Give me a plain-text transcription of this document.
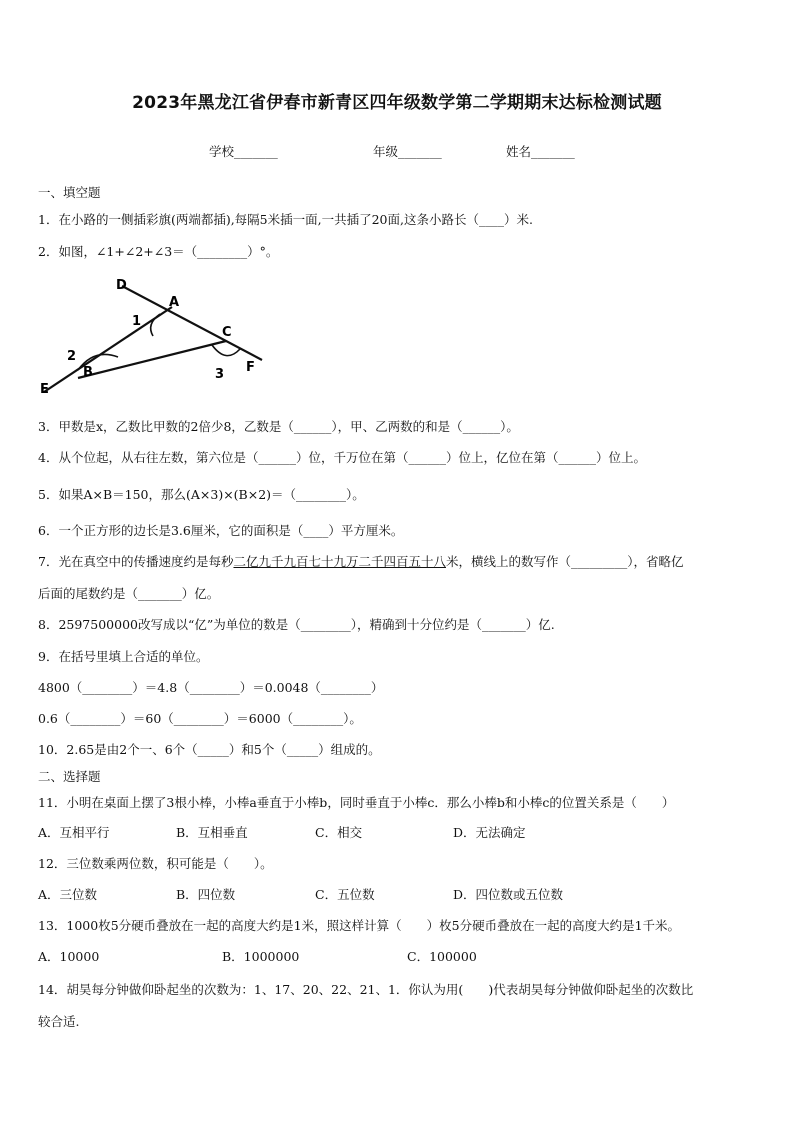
2023年黑龙江省伊春市新青区四年级数学第二学期期末达标检测试题
学校_______	年级_______	姓名_______
一、填空题
1．在小路的一侧插彩旗(两端都插),每隔5米插一面,一共插了20面,这条小路长（____）米.
2．如图，∠1+∠2+∠3＝（________）°。
D
A
C
B
E
F
1
2
3
3．甲数是x，乙数比甲数的2倍少8，乙数是（______），甲、乙两数的和是（______）。
4．从个位起，从右往左数，第六位是（______）位，千万位在第（______）位上，亿位在第（______）位上。
5．如果A×B＝150，那么(A×3)×(B×2)＝（________）。
6．一个正方形的边长是3.6厘米，它的面积是（____）平方厘米。
7．光在真空中的传播速度约是每秒二亿九千九百七十九万二千四百五十八米，横线上的数写作（_________），省略亿
后面的尾数约是（_______）亿。
8．2597500000改写成以“亿”为单位的数是（________），精确到十分位约是（_______）亿.
9．在括号里填上合适的单位。
4800（________）＝4.8（________）＝0.0048（________）
0.6（________）＝60（________）＝6000（________）。
10．2.65是由2个一、6个（_____）和5个（_____）组成的。
二、选择题
11．小明在桌面上摆了3根小棒，小棒a垂直于小棒b，同时垂直于小棒c．那么小棒b和小棒c的位置关系是（　　）
A．互相平行	B．互相垂直	C．相交	D．无法确定
12．三位数乘两位数，积可能是（　　）。
A．三位数	B．四位数	C．五位数	D．四位数或五位数
13．1000枚5分硬币叠放在一起的高度大约是1米，照这样计算（　　）枚5分硬币叠放在一起的高度大约是1千米。
A．10000	B．1000000	C．100000
14．胡昊每分钟做仰卧起坐的次数为：1、17、20、22、21、1．你认为用(　　)代表胡昊每分钟做仰卧起坐的次数比
较合适.
